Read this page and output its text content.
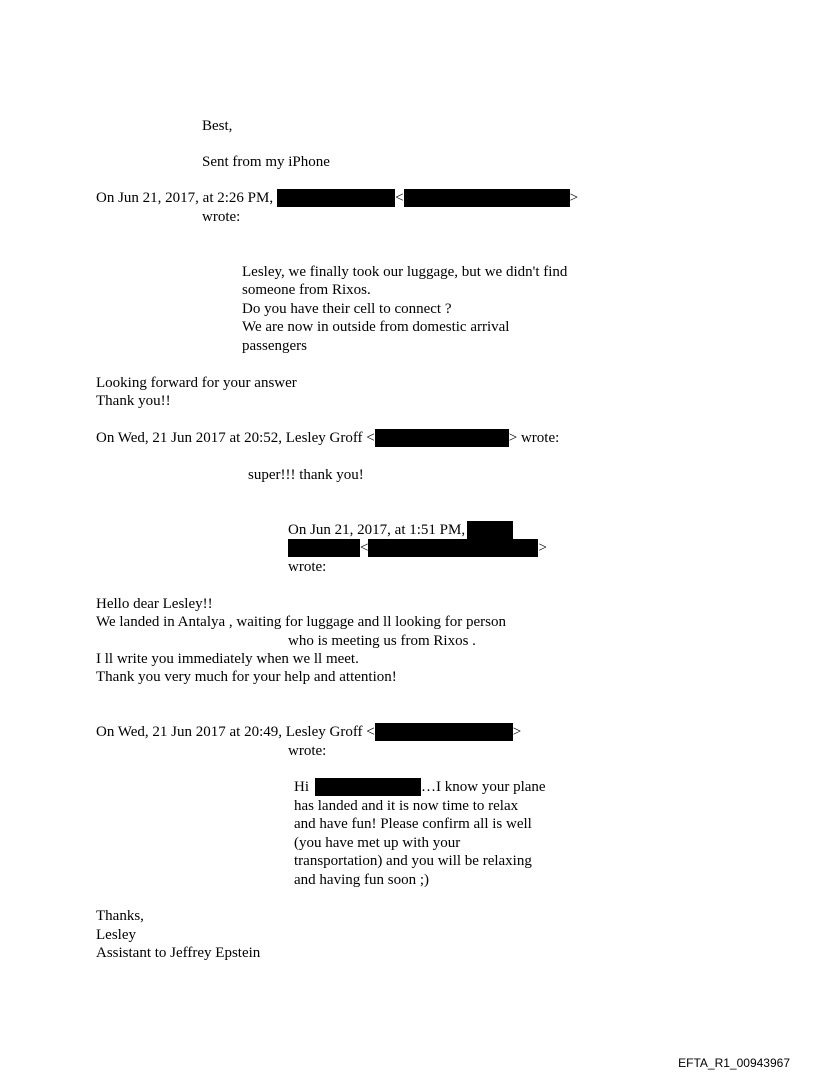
Best,

Sent from my iPhone

On Jun 21, 2017, at 2:26 PM,	<	>

wrote:

Lesley, we finally took our luggage, but we didn't find

someone from Rixos.

Do you have their cell to connect ?

We are now in outside from domestic arrival

passengers

Looking forward for your answer

Thank you!!

On Wed, 21 Jun 2017 at 20:52, Lesley Groff <	> wrote:

super!!! thank you!

On Jun 21, 2017, at 1:51 PM,

<	>

wrote:

Hello dear Lesley!!

We landed in Antalya , waiting for luggage and ll looking for person

who is meeting us from Rixos .

I ll write you immediately when we ll meet.

Thank you very much for your help and attention!

On Wed, 21 Jun 2017 at 20:49, Lesley Groff <	>

wrote:

Hi	…I know your plane

has landed and it is now time to relax

and have fun! Please confirm all is well

(you have met up with your

transportation) and you will be relaxing

and having fun soon ;)

Thanks,

Lesley

Assistant to Jeffrey Epstein

EFTA_R1_00943967
